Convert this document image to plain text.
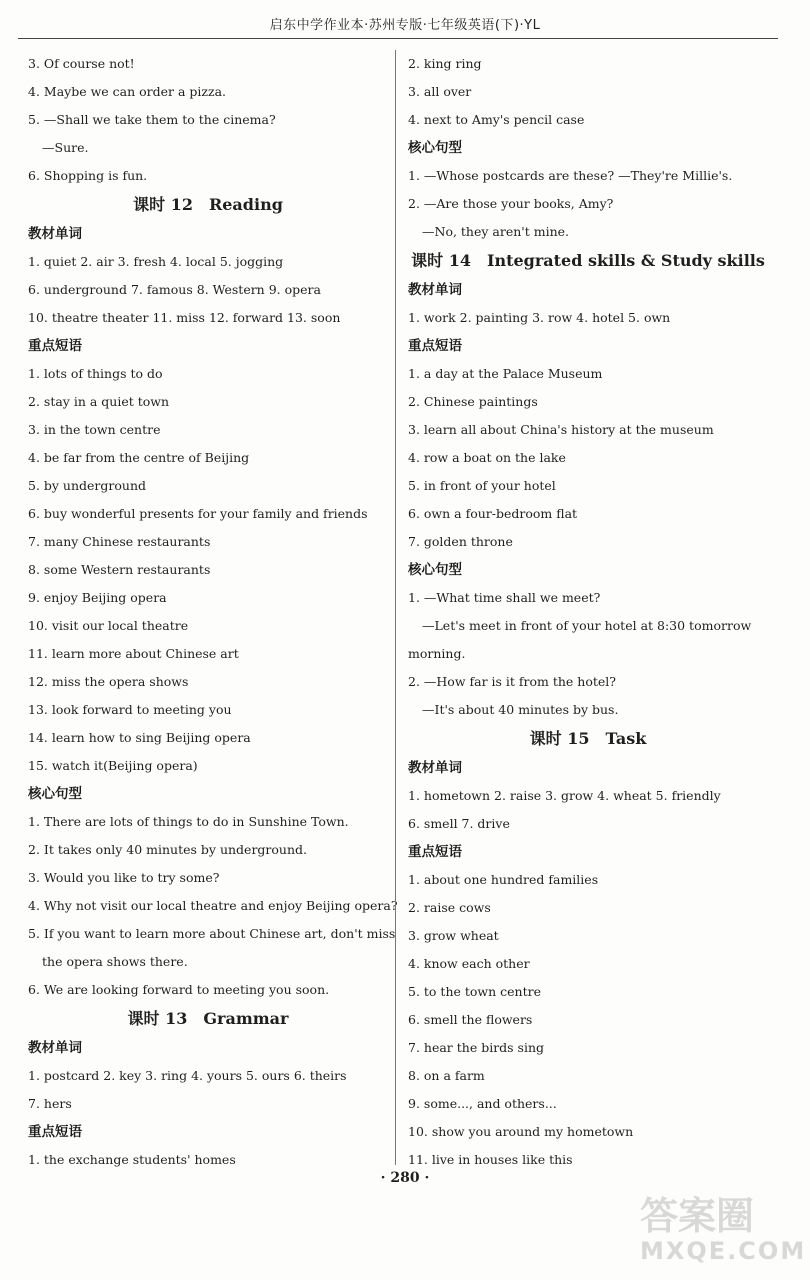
启东中学作业本·苏州专版·七年级英语(下)·YL
3. Of course not!
4. Maybe we can order a pizza.
5. —Shall we take them to the cinema?
—Sure.
6. Shopping is fun.
课时 12 Reading
教材单词
1. quiet 2. air 3. fresh 4. local 5. jogging
6. underground 7. famous 8. Western 9. opera
10. theatre theater 11. miss 12. forward 13. soon
重点短语
1. lots of things to do
2. stay in a quiet town
3. in the town centre
4. be far from the centre of Beijing
5. by underground
6. buy wonderful presents for your family and friends
7. many Chinese restaurants
8. some Western restaurants
9. enjoy Beijing opera
10. visit our local theatre
11. learn more about Chinese art
12. miss the opera shows
13. look forward to meeting you
14. learn how to sing Beijing opera
15. watch it(Beijing opera)
核心句型
1. There are lots of things to do in Sunshine Town.
2. It takes only 40 minutes by underground.
3. Would you like to try some?
4. Why not visit our local theatre and enjoy Beijing opera?
5. If you want to learn more about Chinese art, don't miss
the opera shows there.
6. We are looking forward to meeting you soon.
课时 13 Grammar
教材单词
1. postcard 2. key 3. ring 4. yours 5. ours 6. theirs
7. hers
重点短语
1. the exchange students' homes
2. king ring
3. all over
4. next to Amy's pencil case
核心句型
1. —Whose postcards are these? —They're Millie's.
2. —Are those your books, Amy?
—No, they aren't mine.
课时 14 Integrated skills & Study skills
教材单词
1. work 2. painting 3. row 4. hotel 5. own
重点短语
1. a day at the Palace Museum
2. Chinese paintings
3. learn all about China's history at the museum
4. row a boat on the lake
5. in front of your hotel
6. own a four-bedroom flat
7. golden throne
核心句型
1. —What time shall we meet?
—Let's meet in front of your hotel at 8:30 tomorrow
morning.
2. —How far is it from the hotel?
—It's about 40 minutes by bus.
课时 15 Task
教材单词
1. hometown 2. raise 3. grow 4. wheat 5. friendly
6. smell 7. drive
重点短语
1. about one hundred families
2. raise cows
3. grow wheat
4. know each other
5. to the town centre
6. smell the flowers
7. hear the birds sing
8. on a farm
9. some..., and others...
10. show you around my hometown
11. live in houses like this
· 280 ·
答案圈
MXQE.COM
